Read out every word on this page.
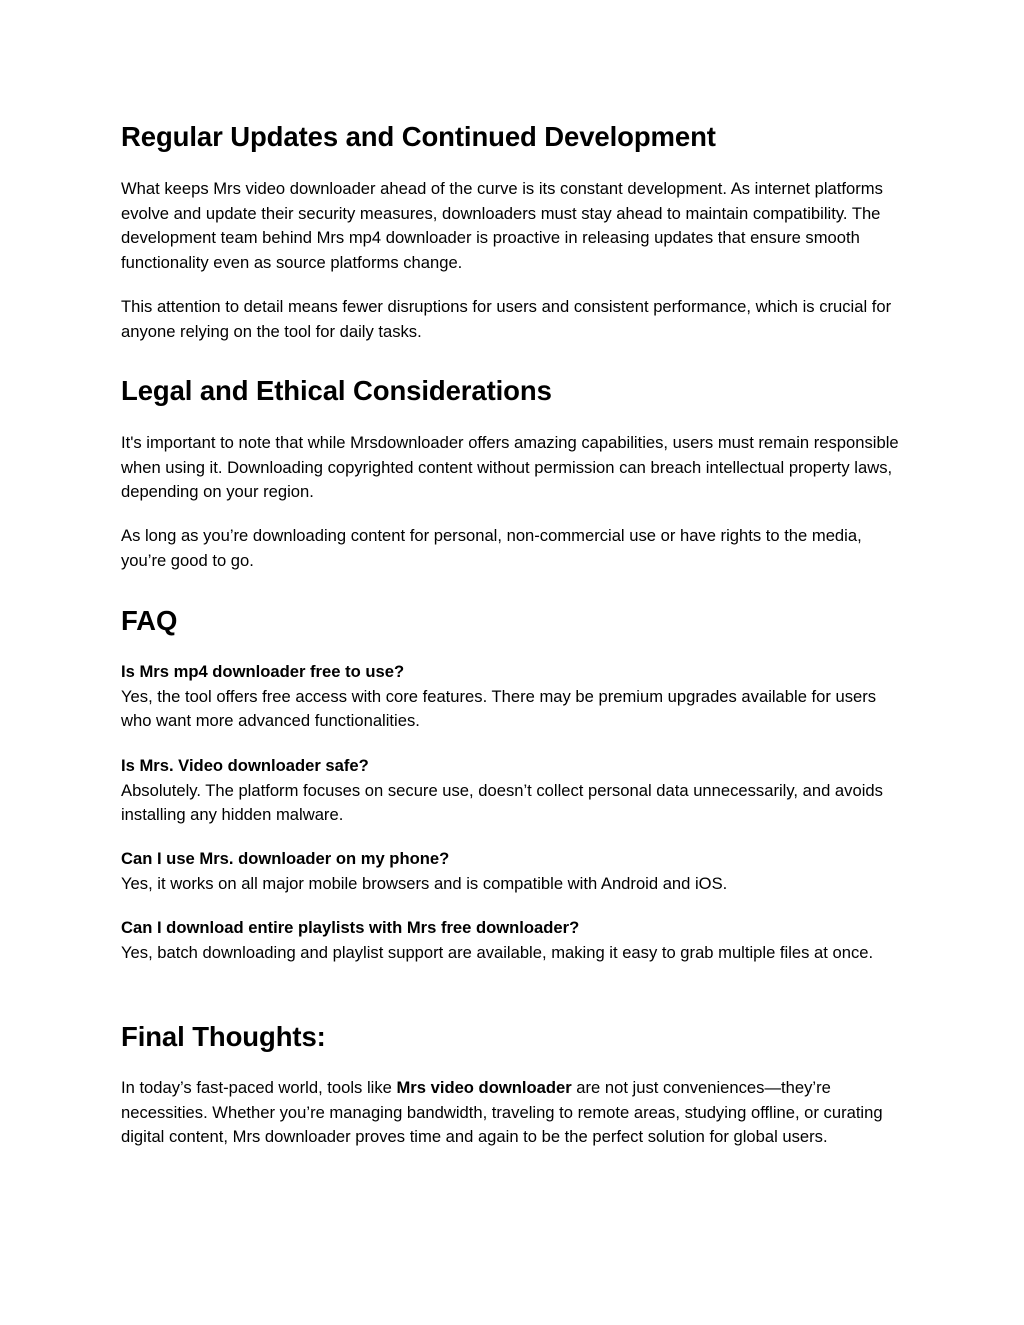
Regular Updates and Continued Development

What keeps Mrs video downloader ahead of the curve is its constant development. As internet platforms evolve and update their security measures, downloaders must stay ahead to maintain compatibility. The development team behind Mrs mp4 downloader is proactive in releasing updates that ensure smooth functionality even as source platforms change.

This attention to detail means fewer disruptions for users and consistent performance, which is crucial for anyone relying on the tool for daily tasks.

Legal and Ethical Considerations

It's important to note that while Mrsdownloader offers amazing capabilities, users must remain responsible when using it. Downloading copyrighted content without permission can breach intellectual property laws, depending on your region.

As long as you’re downloading content for personal, non-commercial use or have rights to the media, you’re good to go.

FAQ

Is Mrs mp4 downloader free to use?

Yes, the tool offers free access with core features. There may be premium upgrades available for users who want more advanced functionalities.

Is Mrs. Video downloader safe?

Absolutely. The platform focuses on secure use, doesn’t collect personal data unnecessarily, and avoids installing any hidden malware.

Can I use Mrs. downloader on my phone?

Yes, it works on all major mobile browsers and is compatible with Android and iOS.

Can I download entire playlists with Mrs free downloader?

Yes, batch downloading and playlist support are available, making it easy to grab multiple files at once.

Final Thoughts:

In today’s fast-paced world, tools like Mrs video downloader are not just conveniences—they’re necessities. Whether you’re managing bandwidth, traveling to remote areas, studying offline, or curating digital content, Mrs downloader proves time and again to be the perfect solution for global users.
